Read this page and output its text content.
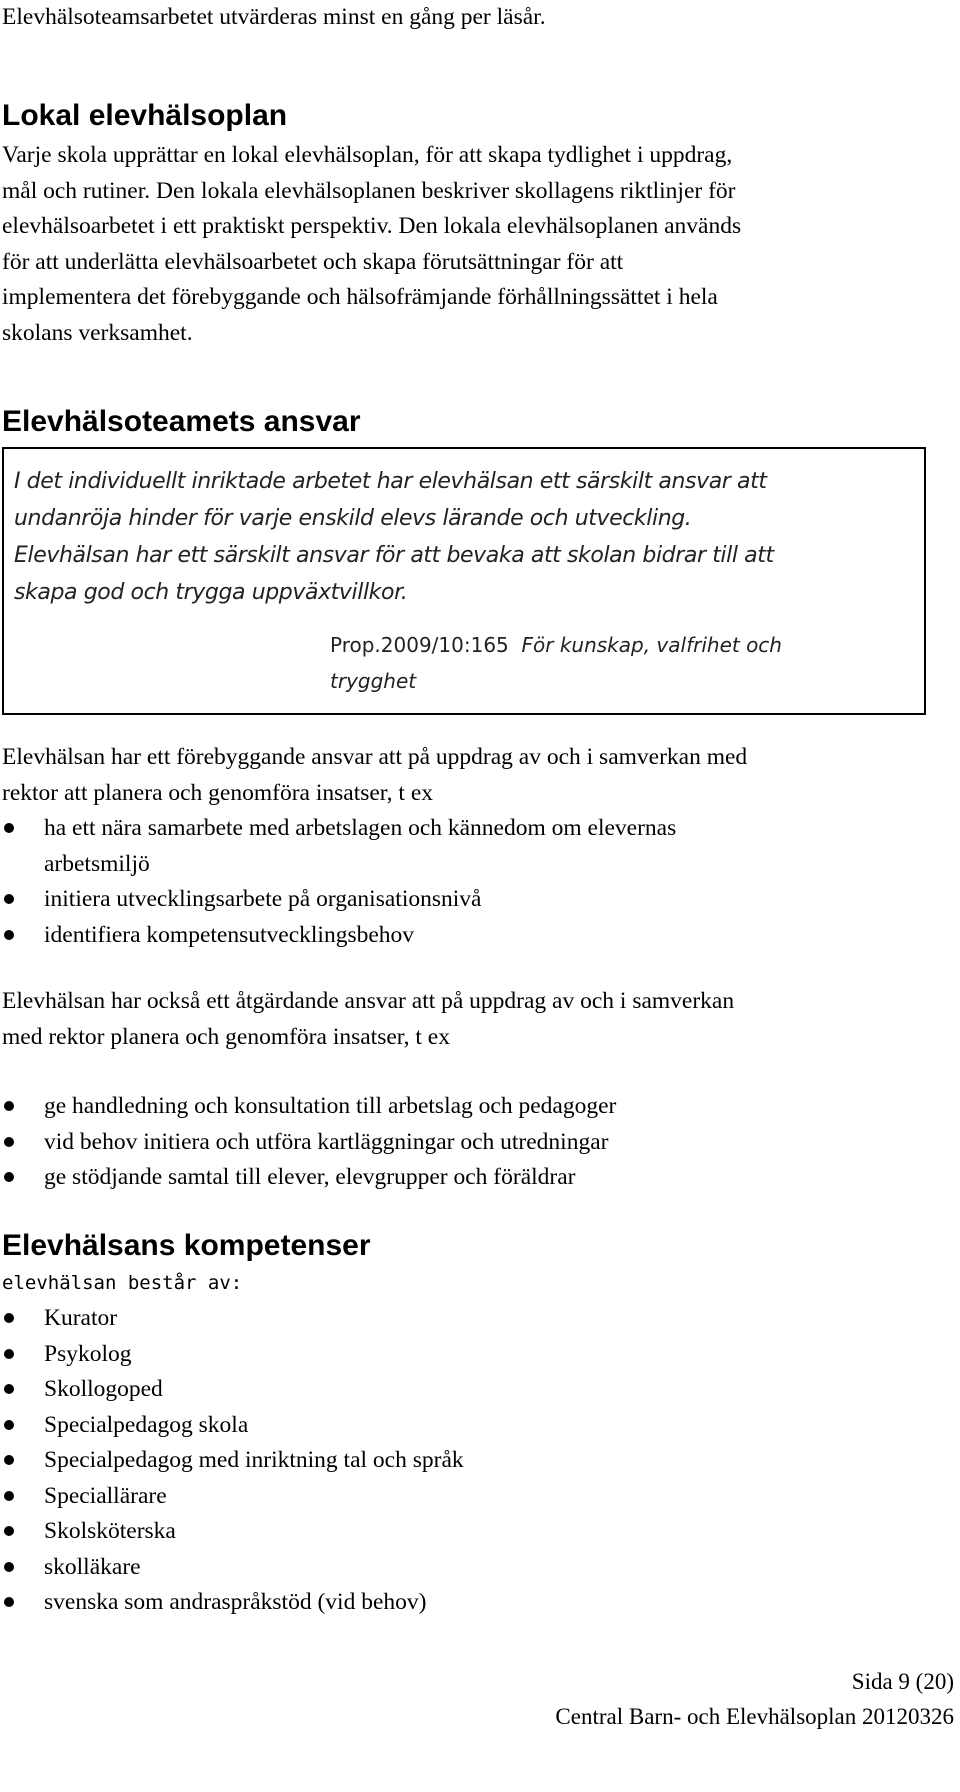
Elevhälsoteamsarbetet utvärderas minst en gång per läsår.

Lokal elevhälsoplan

Varje skola upprättar en lokal elevhälsoplan, för att skapa tydlighet i uppdrag,

mål och rutiner. Den lokala elevhälsoplanen beskriver skollagens riktlinjer för

elevhälsoarbetet i ett praktiskt perspektiv. Den lokala elevhälsoplanen används

för att underlätta elevhälsoarbetet och skapa förutsättningar för att

implementera det förebyggande och hälsofrämjande förhållningssättet i hela

skolans verksamhet.

Elevhälsoteamets ansvar
I det individuellt inriktade arbetet har elevhälsan ett särskilt ansvar att
undanröja hinder för varje enskild elevs lärande och utveckling.
Elevhälsan har ett särskilt ansvar för att bevaka att skolan bidrar till att
skapa god och trygga uppväxtvillkor.
Prop.2009/10:165 För kunskap, valfrihet och
trygghet

Elevhälsan har ett förebyggande ansvar att på uppdrag av och i samverkan med

rektor att planera och genomföra insatser, t ex

ha ett nära samarbete med arbetslagen och kännedom om elevernas
arbetsmiljö
initiera utvecklingsarbete på organisationsnivå
identifiera kompetensutvecklingsbehov

Elevhälsan har också ett åtgärdande ansvar att på uppdrag av och i samverkan

med rektor planera och genomföra insatser, t ex

ge handledning och konsultation till arbetslag och pedagoger
vid behov initiera och utföra kartläggningar och utredningar
ge stödjande samtal till elever, elevgrupper och föräldrar
Elevhälsans kompetenser

elevhälsan består av:

Kurator
Psykolog
Skollogoped
Specialpedagog skola
Specialpedagog med inriktning tal och språk
Speciallärare
Skolsköterska
skolläkare
svenska som andraspråkstöd (vid behov)
Sida 9 (20)
Central Barn- och Elevhälsoplan 20120326
